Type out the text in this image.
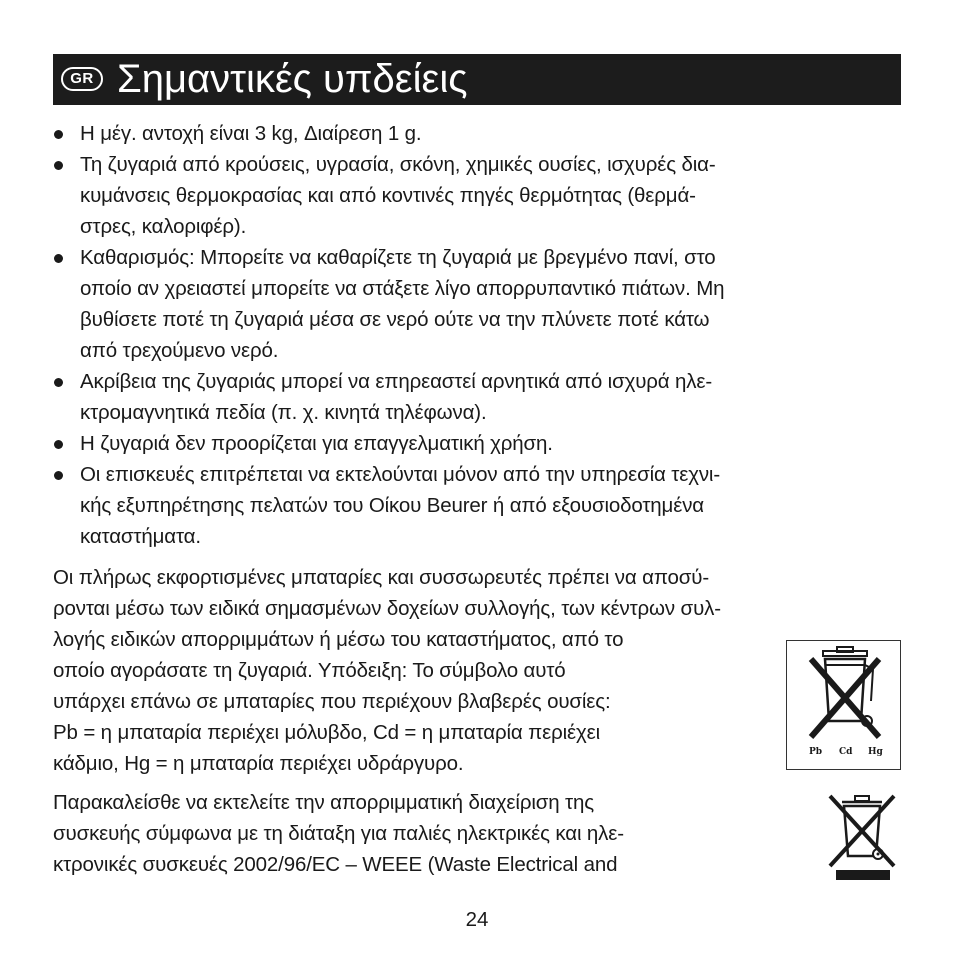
GR Σημαντικές υπδείεις
Η μέγ. αντοχή είναι 3 kg, Διαίρεση 1 g.
Τη ζυγαριά από κρούσεις, υγρασία, σκόνη, χημικές ουσίες, ισχυρές δια-
κυμάνσεις θερμοκρασίας και από κοντινές πηγές θερμότητας (θερμά-
στρες, καλοριφέρ).
Καθαρισμός: Μπορείτε να καθαρίζετε τη ζυγαριά με βρεγμένο πανί, στο
οποίο αν χρειαστεί μπορείτε να στάξετε λίγο απορρυπαντικό πιάτων. Μη
βυθίσετε ποτέ τη ζυγαριά μέσα σε νερό ούτε να την πλύνετε ποτέ κάτω
από τρεχούμενο νερό.
Ακρίβεια της ζυγαριάς μπορεί να επηρεαστεί αρνητικά από ισχυρά ηλε-
κτρομαγνητικά πεδία (π. χ. κινητά τηλέφωνα).
Η ζυγαριά δεν προορίζεται για επαγγελματική χρήση.
Οι επισκευές επιτρέπεται να εκτελούνται μόνον από την υπηρεσία τεχνι-
κής εξυπηρέτησης πελατών του Οίκου Beurer ή από εξουσιοδοτημένα
καταστήματα.
Οι πλήρως εκφορτισμένες μπαταρίες και συσσωρευτές πρέπει να αποσύ-
ρονται μέσω των ειδικά σημασμένων δοχείων συλλογής, των κέντρων συλ-
λογής ειδικών απορριμμάτων ή μέσω του καταστήματος, από το
οποίο αγοράσατε τη ζυγαριά. Υπόδειξη: Το σύμβολο αυτό
υπάρχει επάνω σε μπαταρίες που περιέχουν βλαβερές ουσίες:
Pb = η μπαταρία περιέχει μόλυβδο, Cd = η μπαταρία περιέχει
κάδμιο, Hg = η μπαταρία περιέχει υδράργυρο.	Pb Cd Hg
Παρακαλείσθε να εκτελείτε την απορριμματική διαχείριση της
συσκευής σύμφωνα με τη διάταξη για παλιές ηλεκτρικές και ηλε-
κτρονικές συσκευές 2002/96/EC – WEEE (Waste Electrical and
24
